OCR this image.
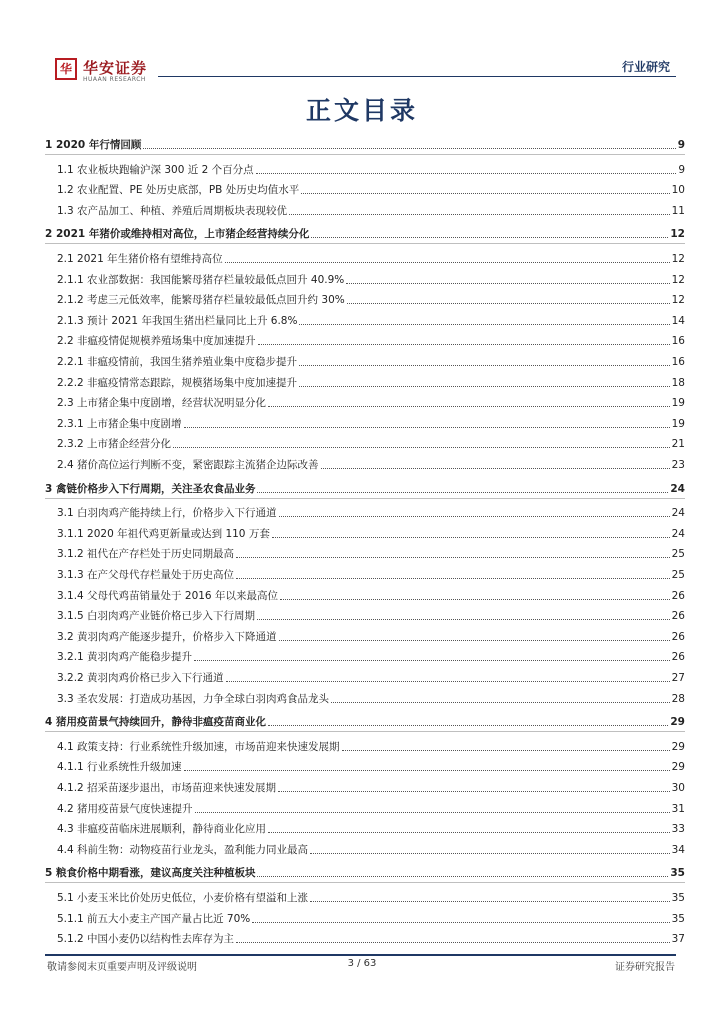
华 华安证券
HUAAN RESEARCH
行业研究
正文目录
1 2020 年行情回顾	9
1.1 农业板块跑输沪深 300 近 2 个百分点	9
1.2 农业配置、PE 处历史底部，PB 处历史均值水平	10
1.3 农产品加工、种植、养殖后周期板块表现较优	11
2 2021 年猪价或维持相对高位，上市猪企经营持续分化	12
2.1 2021 年生猪价格有望维持高位	12
2.1.1 农业部数据：我国能繁母猪存栏量较最低点回升 40.9%	12
2.1.2 考虑三元低效率，能繁母猪存栏量较最低点回升约 30%	12
2.1.3 预计 2021 年我国生猪出栏量同比上升 6.8%	14
2.2 非瘟疫情促规模养殖场集中度加速提升	16
2.2.1 非瘟疫情前，我国生猪养殖业集中度稳步提升	16
2.2.2 非瘟疫情常态跟踪，规模猪场集中度加速提升	18
2.3 上市猪企集中度剧增，经营状况明显分化	19
2.3.1 上市猪企集中度剧增	19
2.3.2 上市猪企经营分化	21
2.4 猪价高位运行判断不变，紧密跟踪主流猪企边际改善	23
3 禽链价格步入下行周期，关注圣农食品业务	24
3.1 白羽肉鸡产能持续上行，价格步入下行通道	24
3.1.1 2020 年祖代鸡更新量或达到 110 万套	24
3.1.2 祖代在产存栏处于历史同期最高	25
3.1.3 在产父母代存栏量处于历史高位	25
3.1.4 父母代鸡苗销量处于 2016 年以来最高位	26
3.1.5 白羽肉鸡产业链价格已步入下行周期	26
3.2 黄羽肉鸡产能逐步提升，价格步入下降通道	26
3.2.1 黄羽肉鸡产能稳步提升	26
3.2.2 黄羽肉鸡价格已步入下行通道	27
3.3 圣农发展：打造成功基因，力争全球白羽肉鸡食品龙头	28
4 猪用疫苗景气持续回升，静待非瘟疫苗商业化	29
4.1 政策支持：行业系统性升级加速，市场苗迎来快速发展期	29
4.1.1 行业系统性升级加速	29
4.1.2 招采苗逐步退出，市场苗迎来快速发展期	30
4.2 猪用疫苗景气度快速提升	31
4.3 非瘟疫苗临床进展顺利，静待商业化应用	33
4.4 科前生物：动物疫苗行业龙头，盈利能力同业最高	34
5 粮食价格中期看涨，建议高度关注种植板块	35
5.1 小麦玉米比价处历史低位，小麦价格有望溢和上涨	35
5.1.1 前五大小麦主产国产量占比近 70%	35
5.1.2 中国小麦仍以结构性去库存为主	37
敬请参阅末页重要声明及评级说明	3 / 63	证券研究报告
